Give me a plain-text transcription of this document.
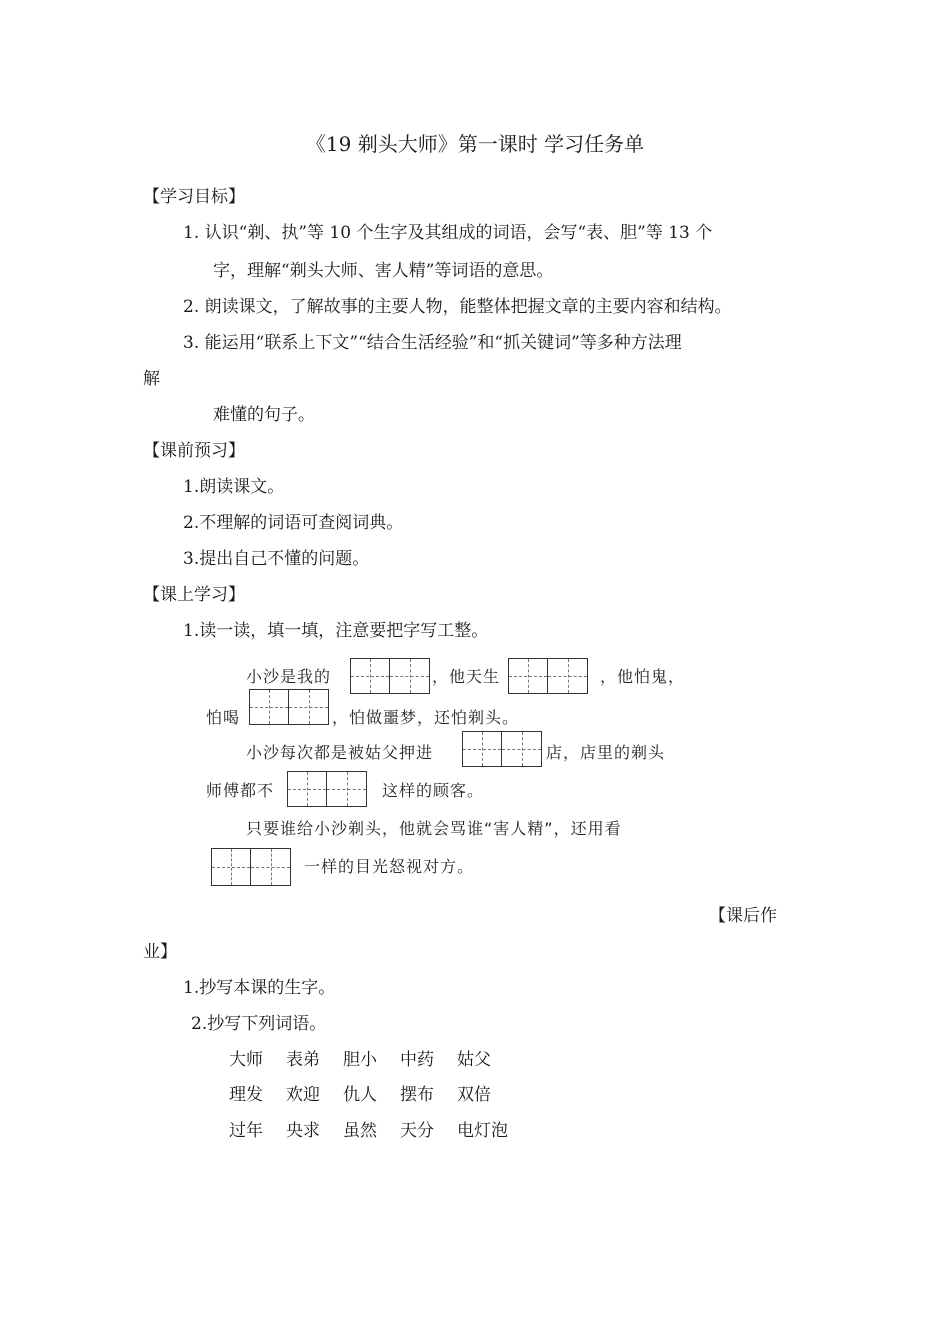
《19 剃头大师》第一课时 学习任务单
【学习目标】
1. 认识“剃、执”等 10 个生字及其组成的词语，会写“表、胆”等 13 个
字，理解“剃头大师、害人精”等词语的意思。
2. 朗读课文，了解故事的主要人物，能整体把握文章的主要内容和结构。
3. 能运用“联系上下文”“结合生活经验”和“抓关键词”等多种方法理
解
难懂的句子。
【课前预习】
1.朗读课文。
2.不理解的词语可查阅词典。
3.提出自己不懂的问题。
【课上学习】
1.读一读，填一填，注意要把字写工整。
小沙是我的	，他天生	，他怕鬼，
怕喝	，怕做噩梦，还怕剃头。
小沙每次都是被姑父押进	店，店里的剃头
师傅都不	这样的顾客。
只要谁给小沙剃头，他就会骂谁“害人精”，还用看
一样的目光怒视对方。
【课后作
业】
1.抄写本课的生字。
2.抄写下列词语。
大师 表弟 胆小 中药 姑父
理发 欢迎 仇人 摆布 双倍
过年 央求 虽然 天分 电灯泡
